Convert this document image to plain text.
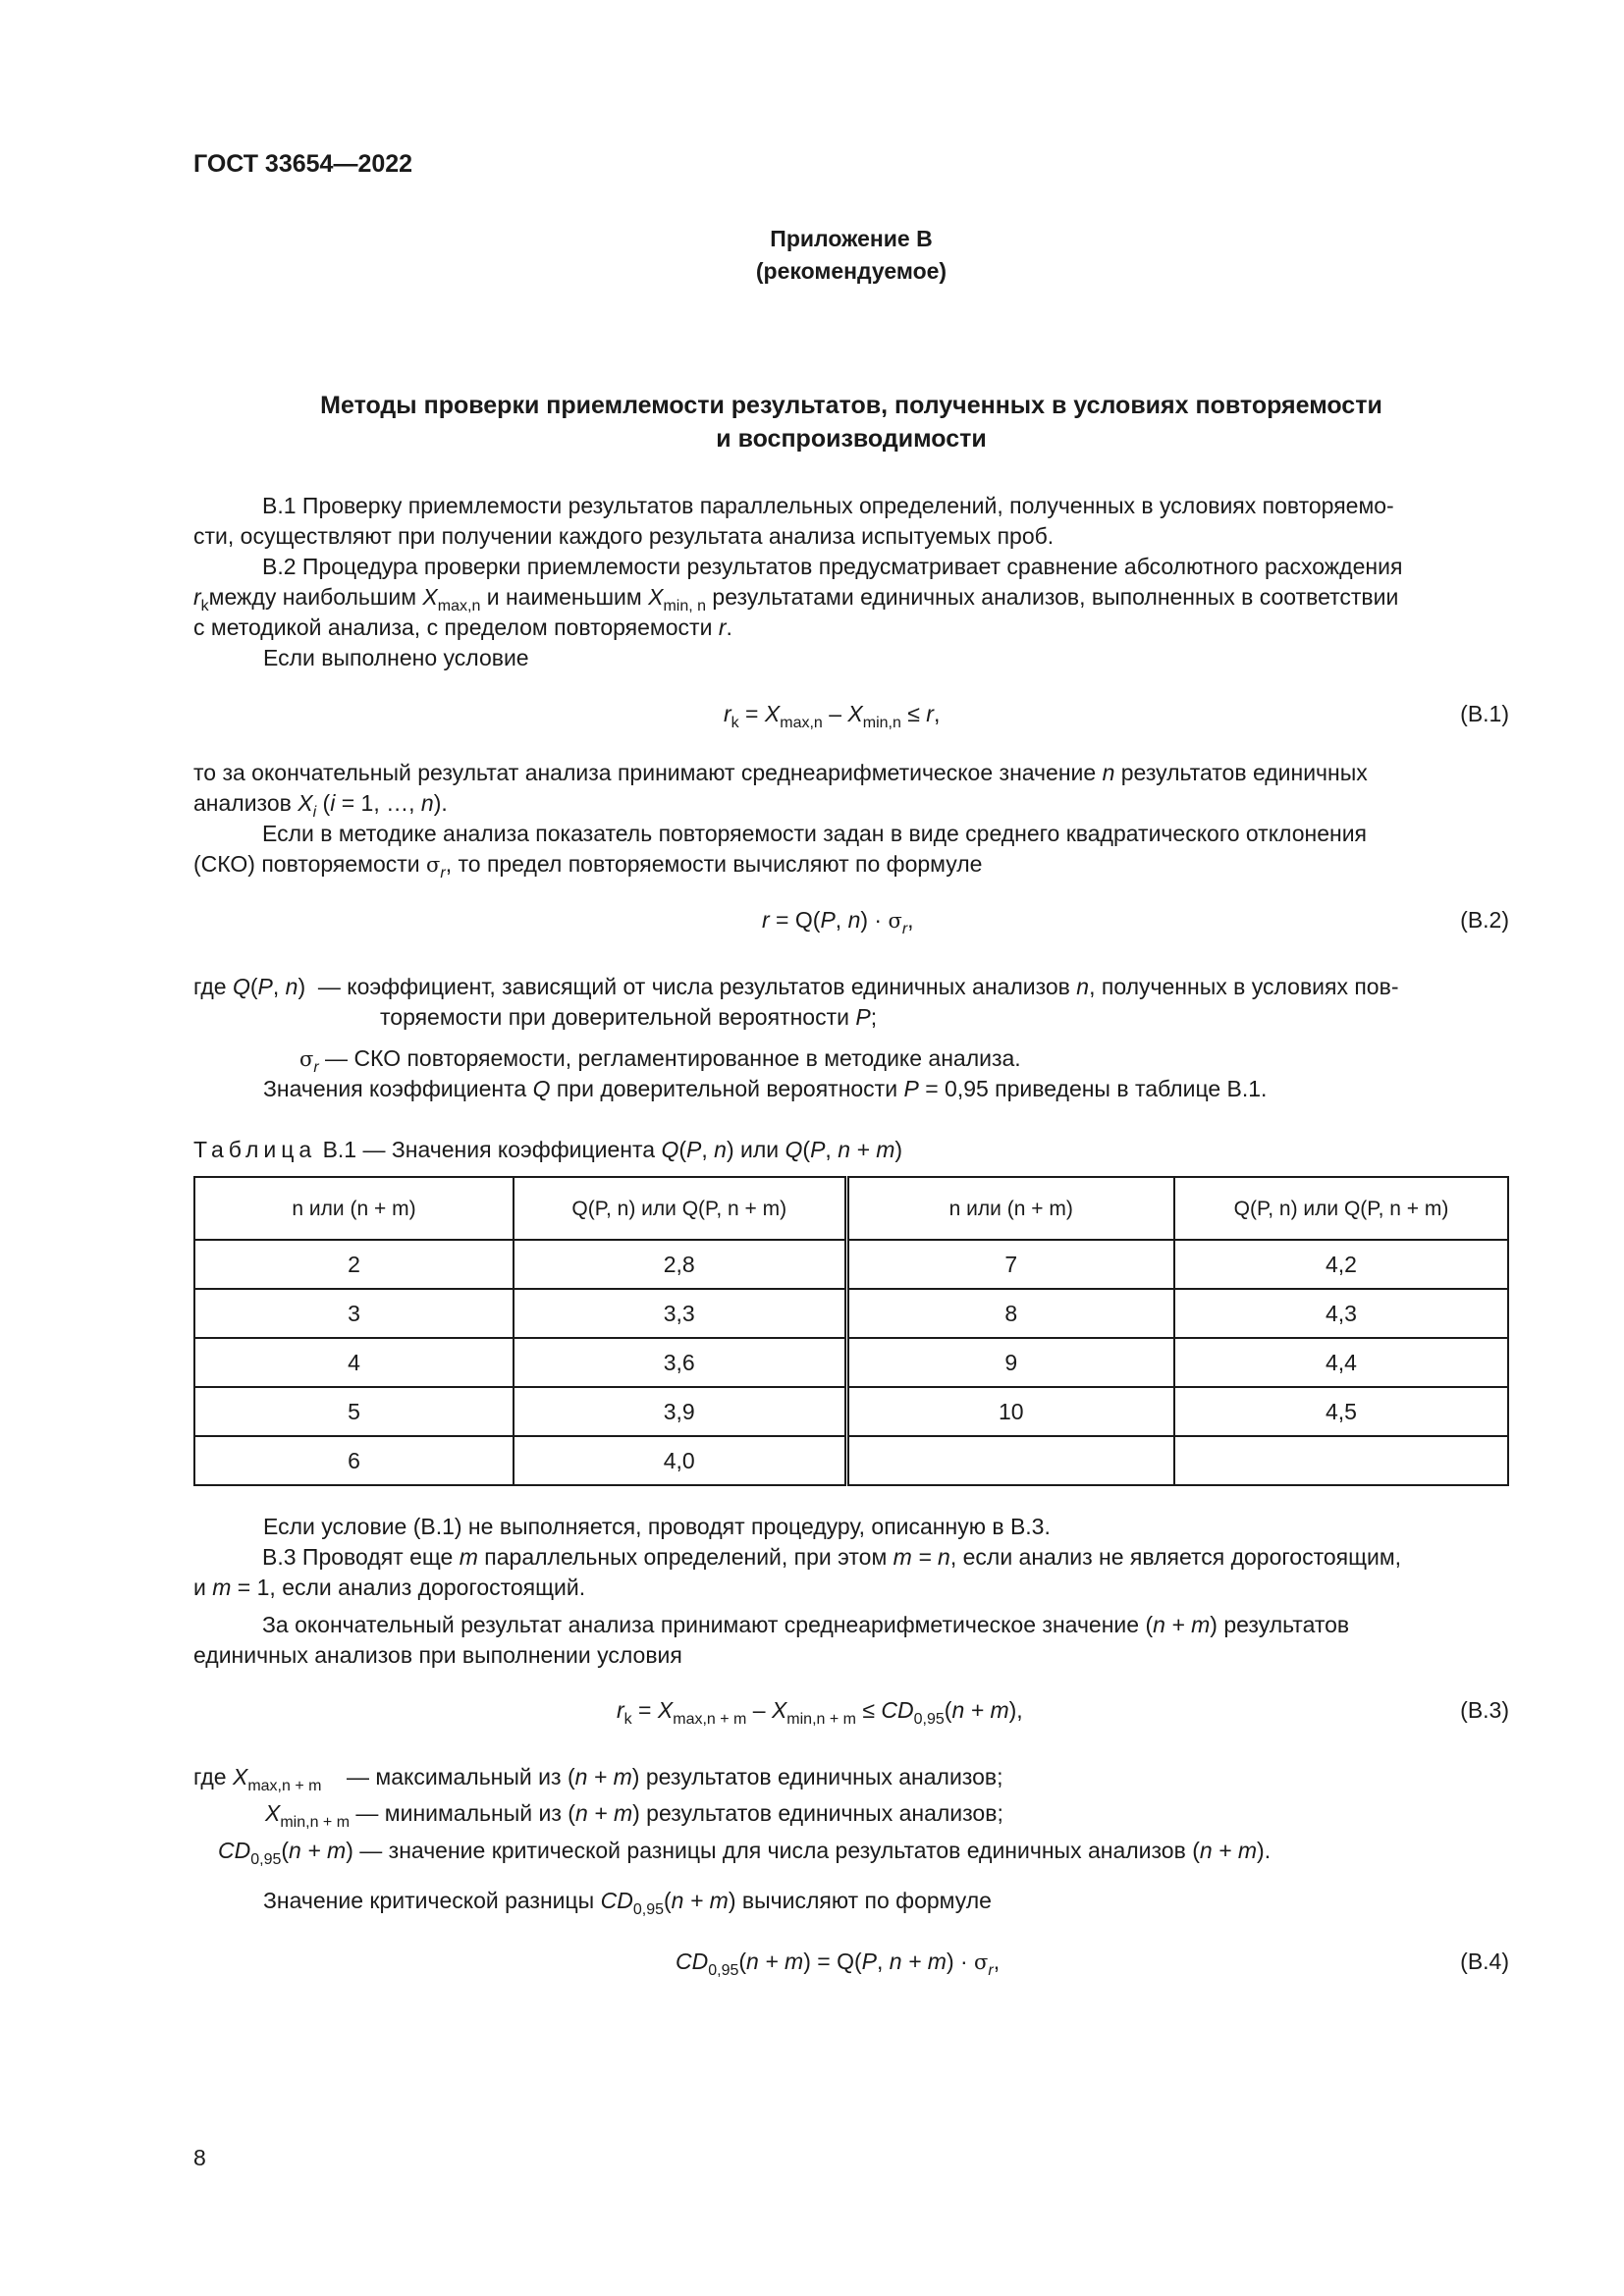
ГОСТ 33654—2022
Приложение В
(рекомендуемое)
Методы проверки приемлемости результатов, полученных в условиях повторяемости
и воспроизводимости
В.1 Проверку приемлемости результатов параллельных определений, полученных в условиях повторяемо-
сти, осуществляют при получении каждого результата анализа испытуемых проб.
В.2 Процедура проверки приемлемости результатов предусматривает сравнение абсолютного расхождения
$r_kмежду$ наибольшим $X_{max,n}$ и наименьшим $X_{min, n}$ результатами единичных анализов, выполненных в соответствии
с методикой анализа, с пределом повторяемости r.
Если выполнено условие
$r_k = X_{max,n} - X_{min,n} \le r$,	(В.1)
то за окончательный результат анализа принимают среднеарифметическое значение n результатов единичных
анализов $X_i$ (i = 1, …, n).
Если в методике анализа показатель повторяемости задан в виде среднего квадратического отклонения
(СКО) повторяемости $\sigma_r$, то предел повторяемости вычисляют по формуле
r = Q(P, $n) \cdot \sigma_r$,	(В.2)
где Q(P, n)  — коэффициент, зависящий от числа результатов единичных анализов n, полученных в условиях пов-
торяемости при доверительной вероятности P;
$\sigma_r$ — СКО повторяемости, регламентированное в методике анализа.
Значения коэффициента Q при доверительной вероятности P = 0,95 приведены в таблице В.1.
Таблица В.1 — Значения коэффициента Q(P, n) или Q(P, n + m)
n или (n + m)	Q(P, n) или Q(P, n + m)	n или (n + m)	Q(P, n) или Q(P, n + m)
2	2,8	7	4,2
3	3,3	8	4,3
4	3,6	9	4,4
5	3,9	10	4,5
6	4,0		
Если условие (В.1) не выполняется, проводят процедуру, описанную в В.3.
В.3 Проводят еще m параллельных определений, при этом m = n, если анализ не является дорогостоящим,
и m = 1, если анализ дорогостоящий.
За окончательный результат анализа принимают среднеарифметическое значение (n + m) результатов
единичных анализов при выполнении условия
$r_k = X_{max,n + m} - X_{min,n + m} \le CD_{0,95}(n + m)$,	(В.3)
где $X_{max,n + m}$    — максимальный из (n + m) результатов единичных анализов;
$X_{min,n + m}$ — минимальный из (n + m) результатов единичных анализов;
$CD_{0,95}(n + m)$ — значение критической разницы для числа результатов единичных анализов (n + m).
Значение критической разницы $CD_{0,95}(n + m)$ вычисляют по формуле
$CD_{0,95}(n + m) = Q(P$, $n + m) \cdot \sigma_r$,	(В.4)
8
